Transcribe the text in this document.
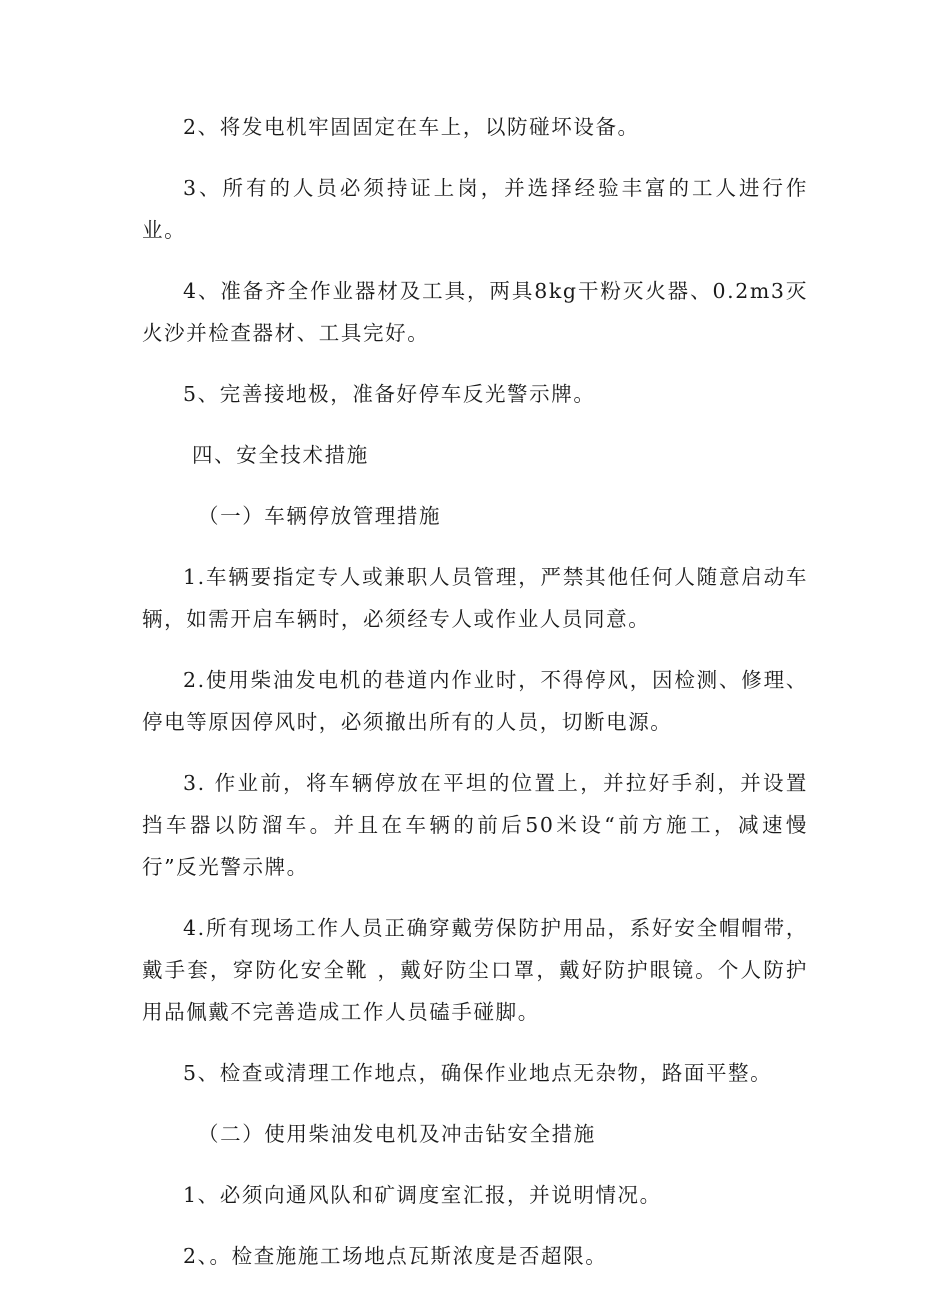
2、将发电机牢固固定在车上，以防碰坏设备。

3、所有的人员必须持证上岗，并选择经验丰富的工人进行作业。

4、准备齐全作业器材及工具，两具8kg干粉灭火器、0.2m3灭火沙并检查器材、工具完好。

5、完善接地极，准备好停车反光警示牌。

四、安全技术措施

（一）车辆停放管理措施

1.车辆要指定专人或兼职人员管理，严禁其他任何人随意启动车辆，如需开启车辆时，必须经专人或作业人员同意。

2.使用柴油发电机的巷道内作业时，不得停风，因检测、修理、停电等原因停风时，必须撤出所有的人员，切断电源。

3. 作业前，将车辆停放在平坦的位置上，并拉好手刹，并设置挡车器以防溜车。并且在车辆的前后50米设“前方施工，减速慢行”反光警示牌。

4.所有现场工作人员正确穿戴劳保防护用品，系好安全帽帽带，戴手套，穿防化安全靴 ，戴好防尘口罩，戴好防护眼镜。个人防护用品佩戴不完善造成工作人员磕手碰脚。

5、检查或清理工作地点，确保作业地点无杂物，路面平整。

（二）使用柴油发电机及冲击钻安全措施

1、必须向通风队和矿调度室汇报，并说明情况。

2、。检查施施工场地点瓦斯浓度是否超限。
